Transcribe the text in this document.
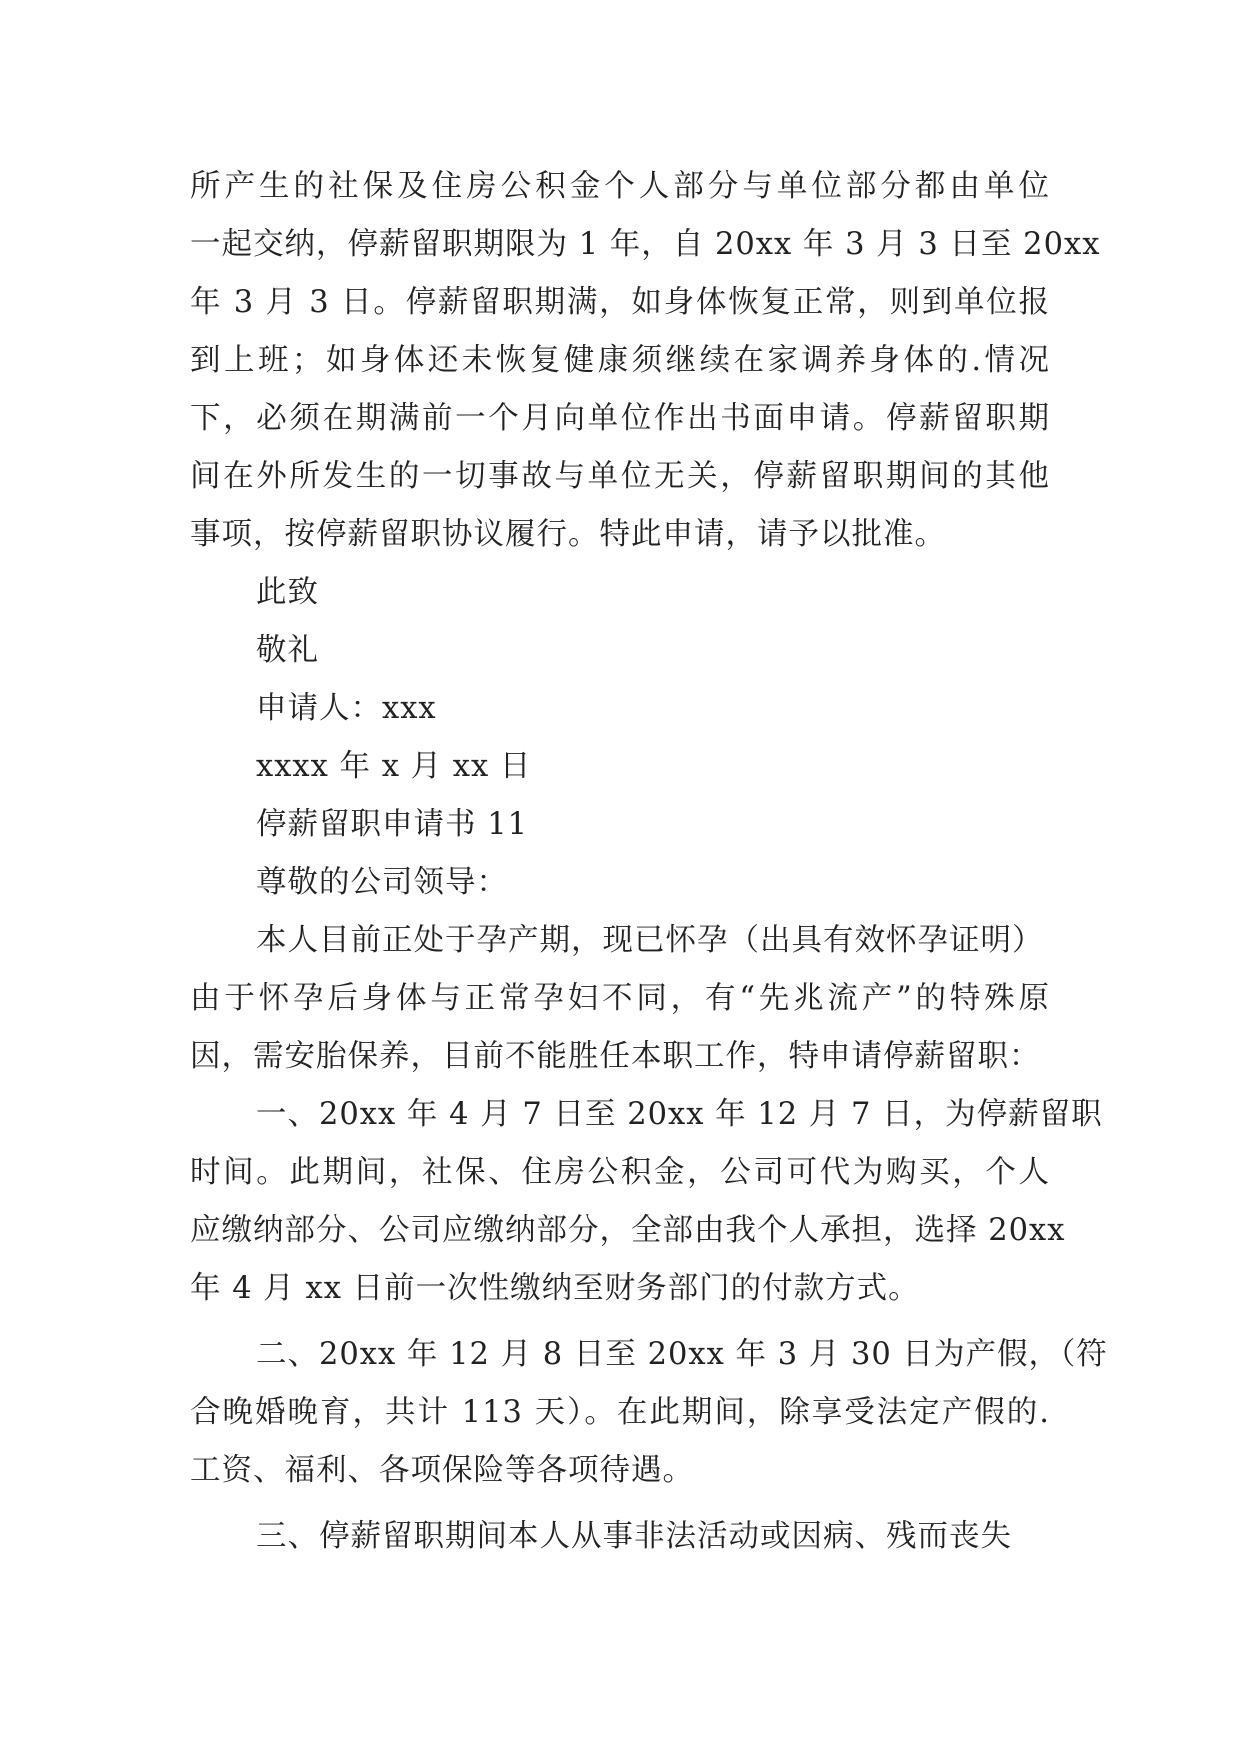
所产生的社保及住房公积金个人部分与单位部分都由单位
一起交纳，停薪留职期限为 1 年，自 20xx 年 3 月 3 日至 20xx
年 3 月 3 日。停薪留职期满，如身体恢复正常，则到单位报
到上班；如身体还未恢复健康须继续在家调养身体的.情况
下，必须在期满前一个月向单位作出书面申请。停薪留职期
间在外所发生的一切事故与单位无关，停薪留职期间的其他
事项，按停薪留职协议履行。特此申请，请予以批准。
此致
敬礼
申请人：xxx
xxxx 年 x 月 xx 日
停薪留职申请书 11
尊敬的公司领导：
本人目前正处于孕产期，现已怀孕（出具有效怀孕证明）
由于怀孕后身体与正常孕妇不同，有“先兆流产”的特殊原
因，需安胎保养，目前不能胜任本职工作，特申请停薪留职：
一、20xx 年 4 月 7 日至 20xx 年 12 月 7 日，为停薪留职
时间。此期间，社保、住房公积金，公司可代为购买，个人
应缴纳部分、公司应缴纳部分，全部由我个人承担，选择 20xx
年 4 月 xx 日前一次性缴纳至财务部门的付款方式。
二、20xx 年 12 月 8 日至 20xx 年 3 月 30 日为产假，（符
合晚婚晚育，共计 113 天）。在此期间，除享受法定产假的.
工资、福利、各项保险等各项待遇。
三、停薪留职期间本人从事非法活动或因病、残而丧失
